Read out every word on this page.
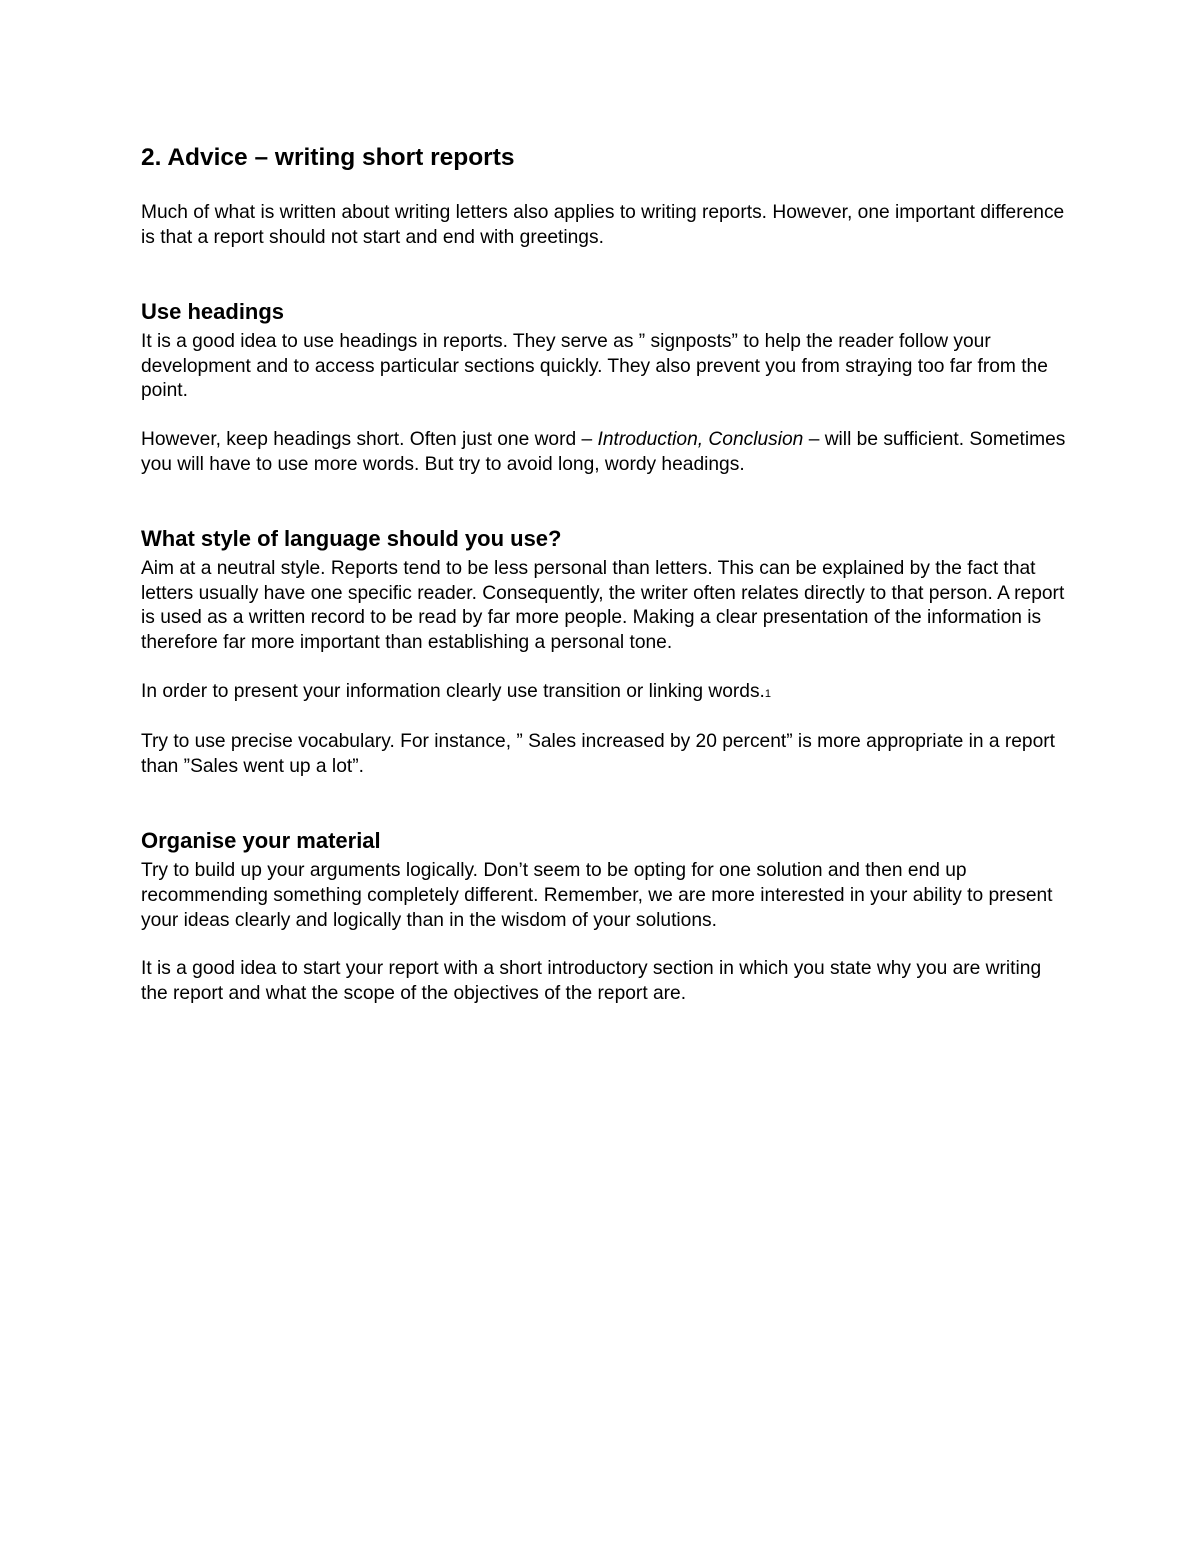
2. Advice – writing short reports

Much of what is written about writing letters also applies to writing reports. However, one important difference is that a report should not start and end with greetings.

Use headings

It is a good idea to use headings in reports. They serve as ” signposts” to help the reader follow your development and to access particular sections quickly. They also prevent you from straying too far from the point.

However, keep headings short. Often just one word – Introduction, Conclusion – will be sufficient. Sometimes you will have to use more words. But try to avoid long, wordy headings.

What style of language should you use?

Aim at a neutral style. Reports tend to be less personal than letters. This can be explained by the fact that letters usually have one specific reader. Consequently, the writer often relates directly to that person. A report is used as a written record to be read by far more people. Making a clear presentation of the information is therefore far more important than establishing a personal tone.

In order to present your information clearly use transition or linking words.1

Try to use precise vocabulary. For instance, ” Sales increased by 20 percent” is more appropriate in a report than ”Sales went up a lot”.

Organise your material

Try to build up your arguments logically. Don’t seem to be opting for one solution and then end up recommending something completely different. Remember, we are more interested in your ability to present your ideas clearly and logically than in the wisdom of your solutions.

It is a good idea to start your report with a short introductory section in which you state why you are writing the report and what the scope of the objectives of the report are.
